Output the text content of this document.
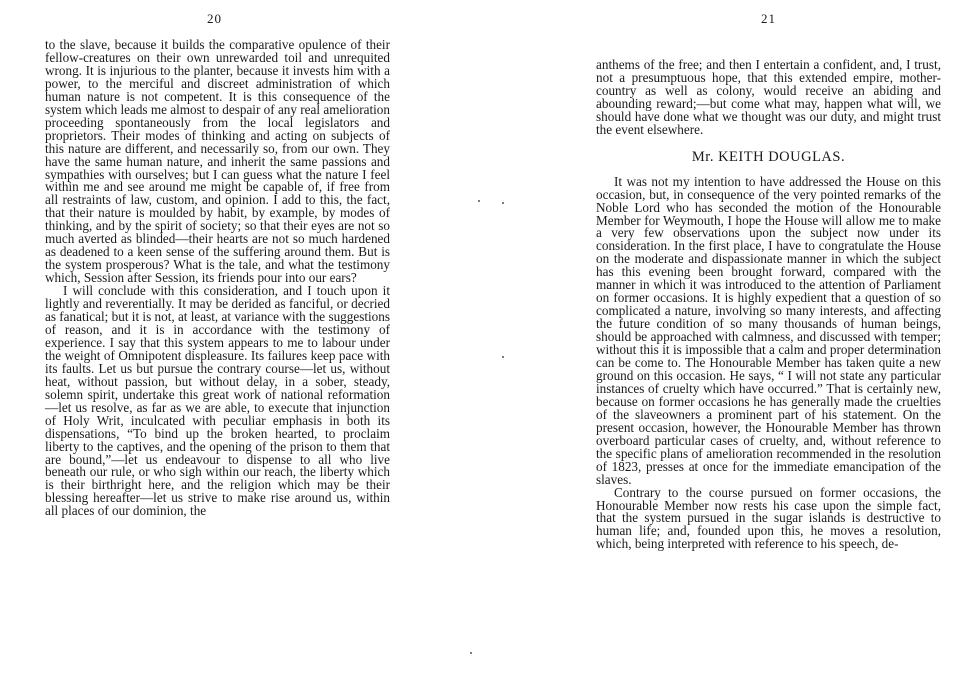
20

to the slave, because it builds the comparative opulence of their fellow-creatures on their own unrewarded toil and unrequited wrong. It is injurious to the planter, because it invests him with a power, to the merciful and discreet administration of which human nature is not competent. It is this consequence of the system which leads me almost to despair of any real amelioration proceeding spontaneously from the local legislators and proprietors. Their modes of thinking and acting on subjects of this nature are different, and necessarily so, from our own. They have the same human nature, and inherit the same passions and sympathies with ourselves; but I can guess what the nature I feel within me and see around me might be capable of, if free from all restraints of law, custom, and opinion. I add to this, the fact, that their nature is moulded by habit, by example, by modes of thinking, and by the spirit of society; so that their eyes are not so much averted as blinded—their hearts are not so much hardened as deadened to a keen sense of the suffering around them. But is the system prosperous? What is the tale, and what the testimony which, Session after Session, its friends pour into our ears?

I will conclude with this consideration, and I touch upon it lightly and reverentially. It may be derided as fanciful, or decried as fanatical; but it is not, at least, at variance with the suggestions of reason, and it is in accordance with the testimony of experience. I say that this system appears to me to labour under the weight of Omnipotent displeasure. Its failures keep pace with its faults. Let us but pursue the contrary course—let us, without heat, without passion, but without delay, in a sober, steady, solemn spirit, undertake this great work of national reformation—let us resolve, as far as we are able, to execute that injunction of Holy Writ, inculcated with peculiar emphasis in both its dispensations, “To bind up the broken hearted, to proclaim liberty to the captives, and the opening of the prison to them that are bound,”—let us endeavour to dispense to all who live beneath our rule, or who sigh within our reach, the liberty which is their birthright here, and the religion which may be their blessing hereafter—let us strive to make rise around us, within all places of our dominion, the

21

anthems of the free; and then I entertain a confident, and, I trust, not a presumptuous hope, that this extended empire, mother-country as well as colony, would receive an abiding and abounding reward;—but come what may, happen what will, we should have done what we thought was our duty, and might trust the event elsewhere.

Mr. KEITH DOUGLAS.

It was not my intention to have addressed the House on this occasion, but, in consequence of the very pointed remarks of the Noble Lord who has seconded the motion of the Honourable Member for Weymouth, I hope the House will allow me to make a very few observations upon the subject now under its consideration. In the first place, I have to congratulate the House on the moderate and dispassionate manner in which the subject has this evening been brought forward, compared with the manner in which it was introduced to the attention of Parliament on former occasions. It is highly expedient that a question of so complicated a nature, involving so many interests, and affecting the future condition of so many thousands of human beings, should be approached with calmness, and discussed with temper; without this it is impossible that a calm and proper determination can be come to. The Honourable Member has taken quite a new ground on this occasion. He says, “ I will not state any particular instances of cruelty which have occurred.” That is certainly new, because on former occasions he has generally made the cruelties of the slaveowners a prominent part of his statement. On the present occasion, however, the Honourable Member has thrown overboard particular cases of cruelty, and, without reference to the specific plans of amelioration recommended in the resolution of 1823, presses at once for the immediate emancipation of the slaves.

Contrary to the course pursued on former occasions, the Honourable Member now rests his case upon the simple fact, that the system pursued in the sugar islands is destructive to human life; and, founded upon this, he moves a resolution, which, being interpreted with reference to his speech, de-
